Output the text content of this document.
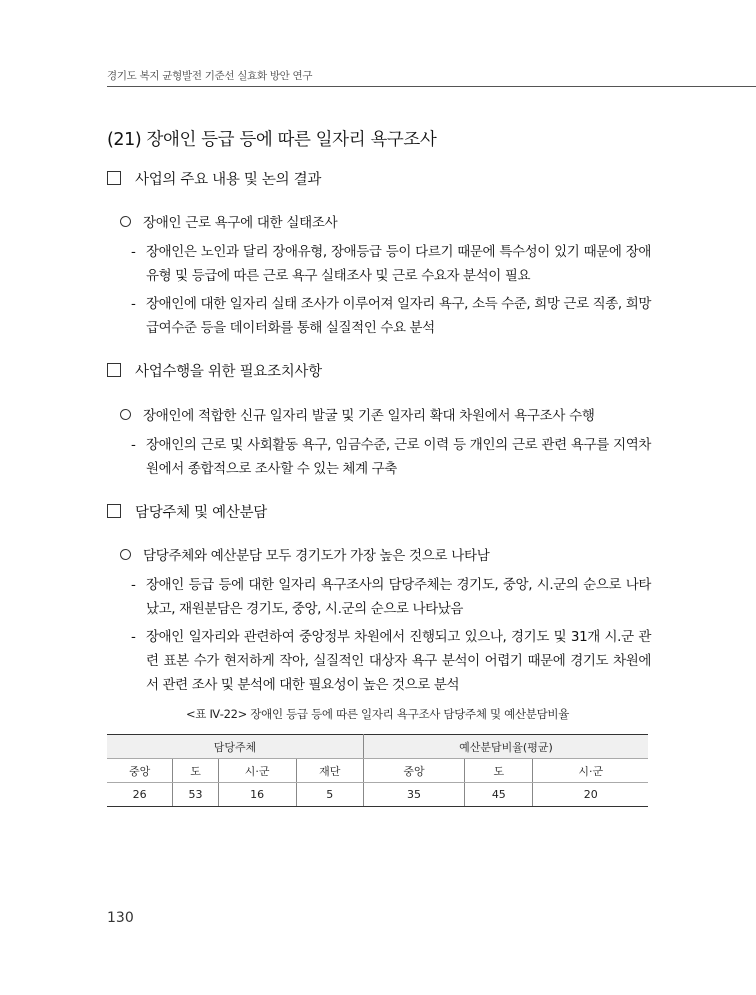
경기도 복지 균형발전 기준선 실효화 방안 연구
(21) 장애인 등급 등에 따른 일자리 욕구조사
사업의 주요 내용 및 논의 결과
장애인 근로 욕구에 대한 실태조사
- 장애인은 노인과 달리 장애유형, 장애등급 등이 다르기 때문에 특수성이 있기 때문에 장애유형 및 등급에 따른 근로 욕구 실태조사 및 근로 수요자 분석이 필요
- 장애인에 대한 일자리 실태 조사가 이루어져 일자리 욕구, 소득 수준, 희망 근로 직종, 희망 급여수준 등을 데이터화를 통해 실질적인 수요 분석
사업수행을 위한 필요조치사항
장애인에 적합한 신규 일자리 발굴 및 기존 일자리 확대 차원에서 욕구조사 수행
- 장애인의 근로 및 사회활동 욕구, 임금수준, 근로 이력 등 개인의 근로 관련 욕구를 지역차원에서 종합적으로 조사할 수 있는 체계 구축
담당주체 및 예산분담
담당주체와 예산분담 모두 경기도가 가장 높은 것으로 나타남
- 장애인 등급 등에 대한 일자리 욕구조사의 담당주체는 경기도, 중앙, 시.군의 순으로 나타났고, 재원분담은 경기도, 중앙, 시.군의 순으로 나타났음
- 장애인 일자리와 관련하여 중앙정부 차원에서 진행되고 있으나, 경기도 및 31개 시.군 관련 표본 수가 현저하게 작아, 실질적인 대상자 욕구 분석이 어렵기 때문에 경기도 차원에서 관련 조사 및 분석에 대한 필요성이 높은 것으로 분석
<표 Ⅳ-22> 장애인 등급 등에 따른 일자리 욕구조사 담당주체 및 예산분담비율
담당주체				예산분담비율(평균)		
중앙	도	시·군	재단	중앙	도	시·군
26	53	16	5	35	45	20
130
